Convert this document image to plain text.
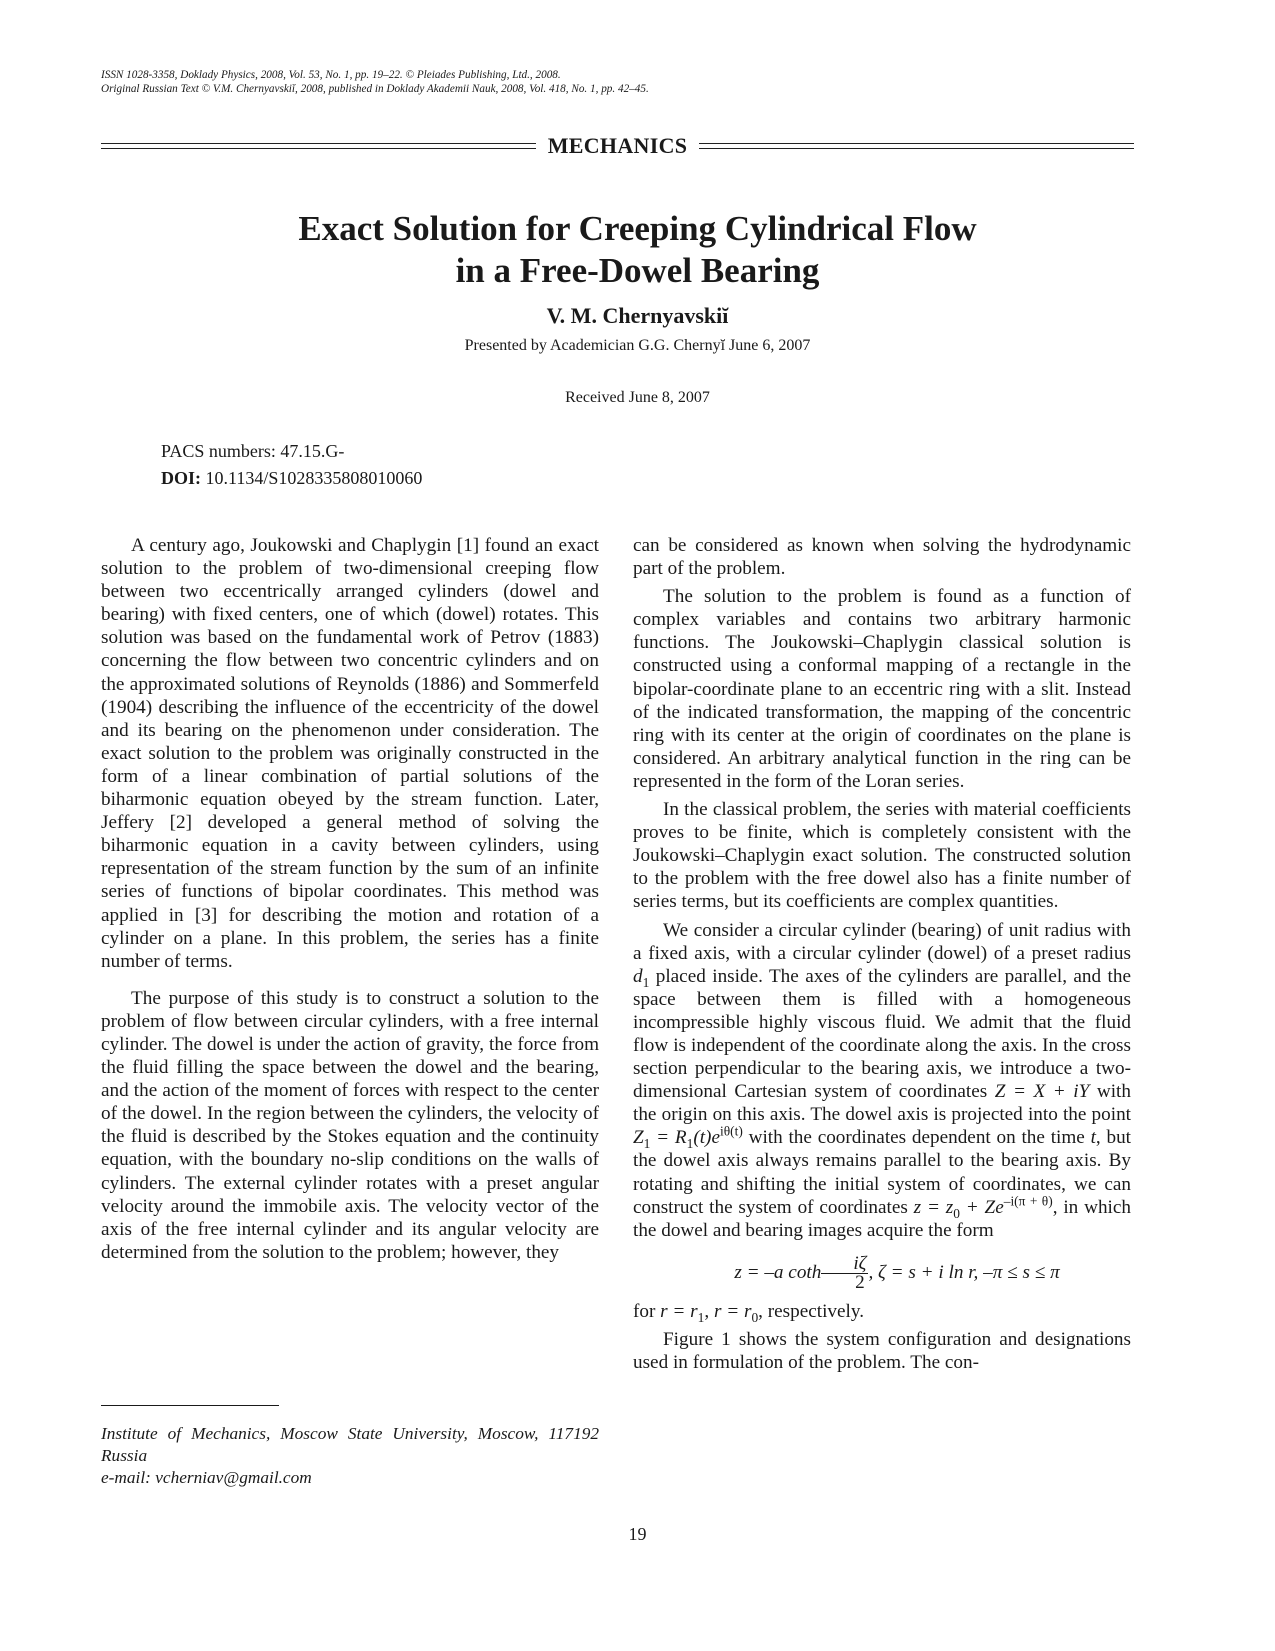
ISSN 1028-3358, Doklady Physics, 2008, Vol. 53, No. 1, pp. 19–22. © Pleiades Publishing, Ltd., 2008.
Original Russian Text © V.M. Chernyavskiĭ, 2008, published in Doklady Akademii Nauk, 2008, Vol. 418, No. 1, pp. 42–45.
MECHANICS
Exact Solution for Creeping Cylindrical Flow
in a Free-Dowel Bearing
V. M. Chernyavskiĭ
Presented by Academician G.G. Chernyĭ June 6, 2007
Received June 8, 2007
PACS numbers: 47.15.G-
DOI: 10.1134/S1028335808010060

A century ago, Joukowski and Chaplygin [1] found an exact solution to the problem of two-dimensional creeping flow between two eccentrically arranged cylinders (dowel and bearing) with fixed centers, one of which (dowel) rotates. This solution was based on the fundamental work of Petrov (1883) concerning the flow between two concentric cylinders and on the approximated solutions of Reynolds (1886) and Sommerfeld (1904) describing the influence of the eccentricity of the dowel and its bearing on the phenomenon under consideration. The exact solution to the problem was originally constructed in the form of a linear combination of partial solutions of the biharmonic equation obeyed by the stream function. Later, Jeffery [2] developed a general method of solving the biharmonic equation in a cavity between cylinders, using representation of the stream function by the sum of an infinite series of functions of bipolar coordinates. This method was applied in [3] for describing the motion and rotation of a cylinder on a plane. In this problem, the series has a finite number of terms.

The purpose of this study is to construct a solution to the problem of flow between circular cylinders, with a free internal cylinder. The dowel is under the action of gravity, the force from the fluid filling the space between the dowel and the bearing, and the action of the moment of forces with respect to the center of the dowel. In the region between the cylinders, the velocity of the fluid is described by the Stokes equation and the continuity equation, with the boundary no-slip conditions on the walls of cylinders. The external cylinder rotates with a preset angular velocity around the immobile axis. The velocity vector of the axis of the free internal cylinder and its angular velocity are determined from the solution to the problem; however, they

can be considered as known when solving the hydrodynamic part of the problem.

The solution to the problem is found as a function of complex variables and contains two arbitrary harmonic functions. The Joukowski–Chaplygin classical solution is constructed using a conformal mapping of a rectangle in the bipolar-coordinate plane to an eccentric ring with a slit. Instead of the indicated transformation, the mapping of the concentric ring with its center at the origin of coordinates on the plane is considered. An arbitrary analytical function in the ring can be represented in the form of the Loran series.

In the classical problem, the series with material coefficients proves to be finite, which is completely consistent with the Joukowski–Chaplygin exact solution. The constructed solution to the problem with the free dowel also has a finite number of series terms, but its coefficients are complex quantities.

We consider a circular cylinder (bearing) of unit radius with a fixed axis, with a circular cylinder (dowel) of a preset radius $d_1$ placed inside. The axes of the cylinders are parallel, and the space between them is filled with a homogeneous incompressible highly viscous fluid. We admit that the fluid flow is independent of the coordinate along the axis. In the cross section perpendicular to the bearing axis, we introduce a two-dimensional Cartesian system of coordinates Z = X + iY with the origin on this axis. The dowel axis is projected into the point $Z_1 = R_1(t)e^{i\theta(t)}$ with the coordinates dependent on the time t, but the dowel axis always remains parallel to the bearing axis. By rotating and shifting the initial system of coordinates, we can construct the system of coordinates $z = z_0 + Ze^{-i(\pi + \theta)}$, in which the dowel and bearing images acquire the form

z = –a coth $\frac{i\zeta}{2}$ , ζ = s + i ln r, –π ≤ s ≤ π

for $r = r_1$, $r = r_0$, respectively.

Figure 1 shows the system configuration and designations used in formulation of the problem. The con-

Institute of Mechanics, Moscow State University, Moscow, 117192 Russia
e-mail: vcherniav@gmail.com
19
